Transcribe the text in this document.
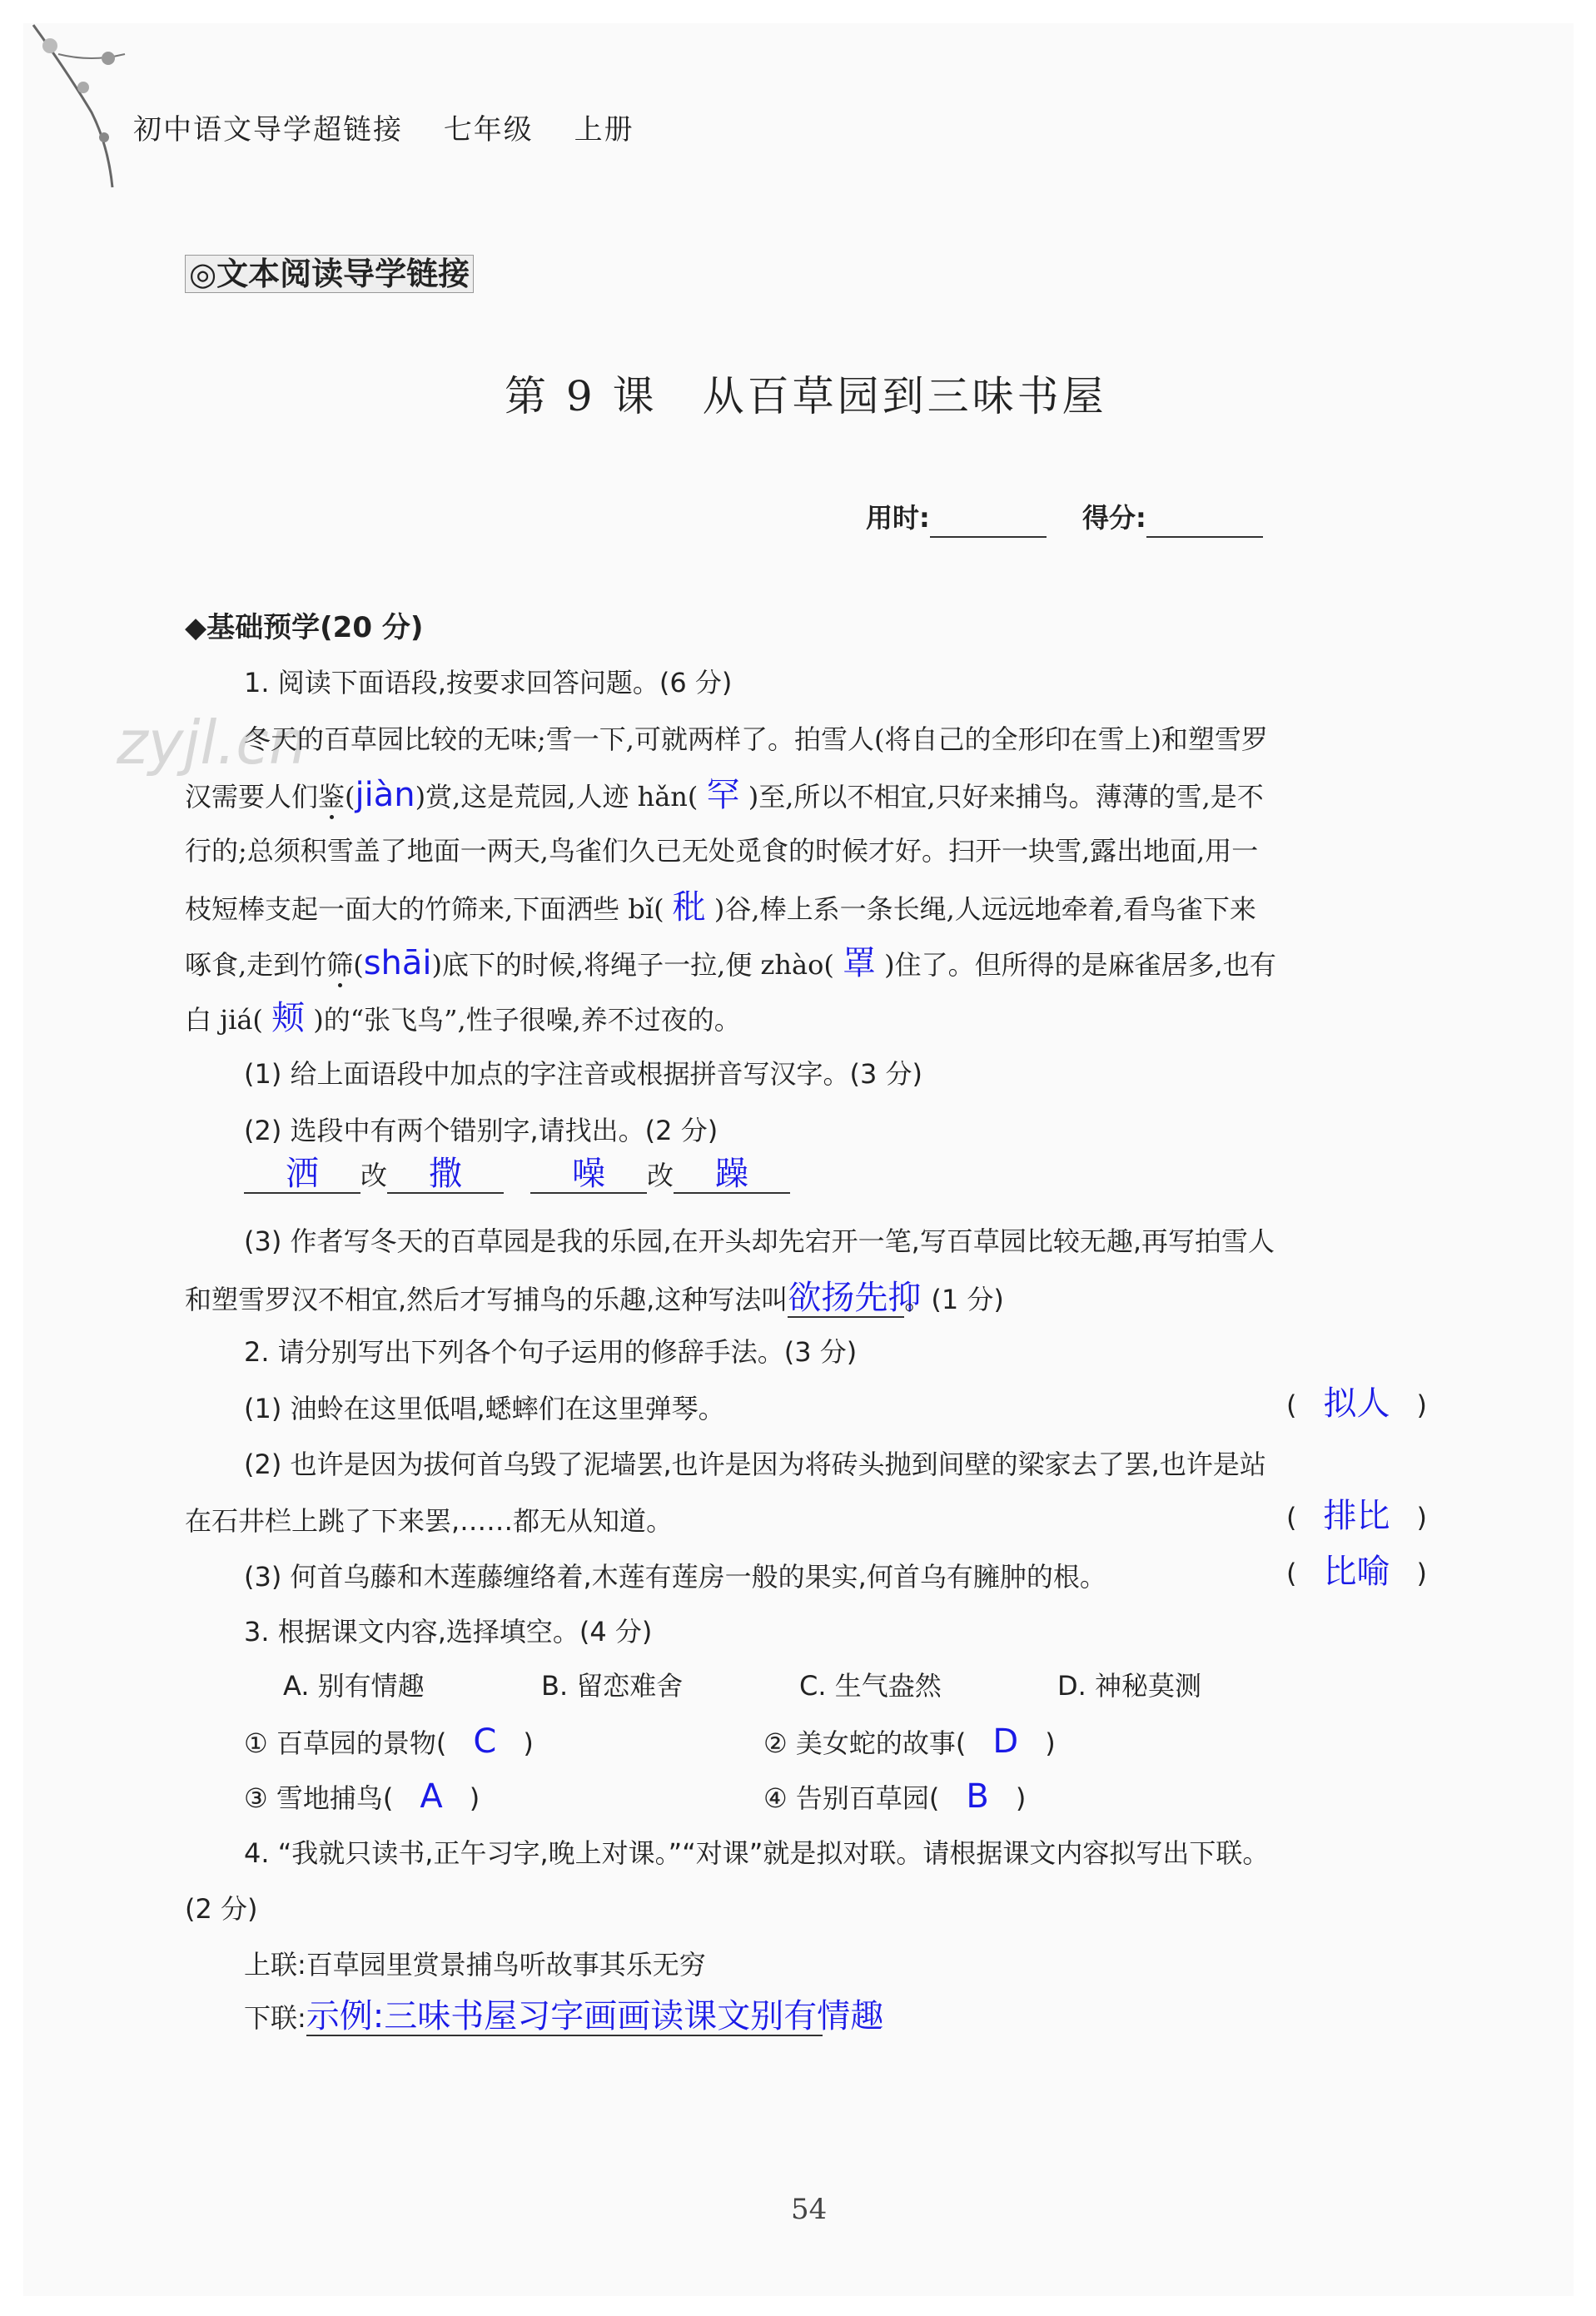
zyjl.cn
初中语文导学超链接　 七年级　 上册
◎文本阅读导学链接
第 9 课　从百草园到三味书屋
用时:  　	得分:
◆基础预学(20 分)
1. 阅读下面语段,按要求回答问题。(6 分)
冬天的百草园比较的无味;雪一下,可就两样了。拍雪人(将自己的全形印在雪上)和塑雪罗
汉需要人们鉴(jiàn)赏,这是荒园,人迹 hǎn( 罕 )至,所以不相宜,只好来捕鸟。薄薄的雪,是不
行的;总须积雪盖了地面一两天,鸟雀们久已无处觅食的时候才好。扫开一块雪,露出地面,用一
枝短棒支起一面大的竹筛来,下面洒些 bǐ( 秕 )谷,棒上系一条长绳,人远远地牵着,看鸟雀下来
啄食,走到竹筛(shāi)底下的时候,将绳子一拉,便 zhào( 罩 )住了。但所得的是麻雀居多,也有
白 jiá( 颊 )的“张飞鸟”,性子很噪,养不过夜的。
(1) 给上面语段中加点的字注音或根据拼音写汉字。(3 分)
(2) 选段中有两个错别字,请找出。(2 分)
洒 改 撒　	噪 改 躁
(3) 作者写冬天的百草园是我的乐园,在开头却先宕开一笔,写百草园比较无趣,再写拍雪人
和塑雪罗汉不相宜,然后才写捕鸟的乐趣,这种写法叫欲扬先抑。(1 分)
2. 请分别写出下列各个句子运用的修辞手法。(3 分)
(1) 油蛉在这里低唱,蟋蟀们在这里弹琴。	(　拟人　)
(2) 也许是因为拔何首乌毁了泥墙罢,也许是因为将砖头抛到间壁的梁家去了罢,也许是站
在石井栏上跳了下来罢,……都无从知道。	(　排比　)
(3) 何首乌藤和木莲藤缠络着,木莲有莲房一般的果实,何首乌有臃肿的根。	(　比喻　)
3. 根据课文内容,选择填空。(4 分)
A. 别有情趣	B. 留恋难舍	C. 生气盎然	D. 神秘莫测
① 百草园的景物(　 C　 )	② 美女蛇的故事(　 D　 )
③ 雪地捕鸟(　 A　 )	④ 告别百草园(　 B　 )
4. “我就只读书,正午习字,晚上对课。”“对课”就是拟对联。请根据课文内容拟写出下联。
(2 分)
上联:百草园里赏景捕鸟听故事其乐无穷
下联:示例:三味书屋习字画画读课文别有情趣
54
